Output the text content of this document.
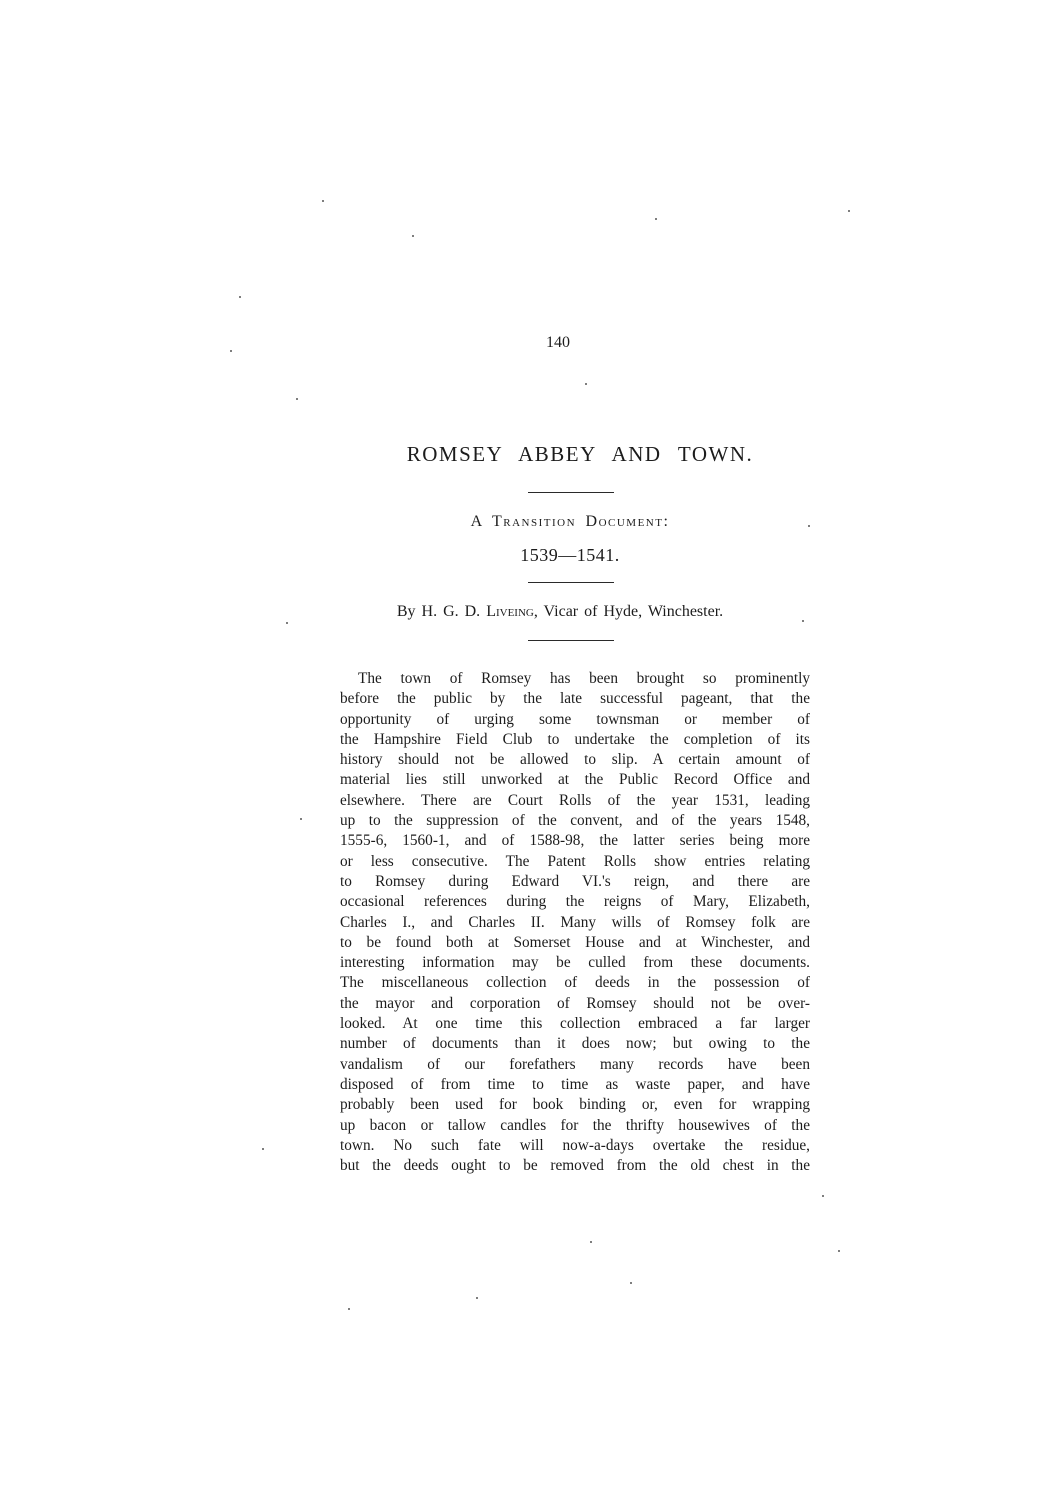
140
ROMSEY ABBEY AND TOWN.
A Transition Document:
1539—1541.
By H. G. D. Liveing, Vicar of Hyde, Winchester.

The town of Romsey has been brought so prominently
before the public by the late successful pageant, that the
opportunity of urging some townsman or member of
the Hampshire Field Club to undertake the completion of its
history should not be allowed to slip. A certain amount of
material lies still unworked at the Public Record Office and
elsewhere. There are Court Rolls of the year 1531, leading
up to the suppression of the convent, and of the years 1548,
1555-6, 1560-1, and of 1588-98, the latter series being more
or less consecutive. The Patent Rolls show entries relating
to Romsey during Edward VI.'s reign, and there are
occasional references during the reigns of Mary, Elizabeth,
Charles I., and Charles II. Many wills of Romsey folk are
to be found both at Somerset House and at Winchester, and
interesting information may be culled from these documents.
The miscellaneous collection of deeds in the possession of
the mayor and corporation of Romsey should not be over-
looked. At one time this collection embraced a far larger
number of documents than it does now; but owing to the
vandalism of our forefathers many records have been
disposed of from time to time as waste paper, and have
probably been used for book binding or, even for wrapping
up bacon or tallow candles for the thrifty housewives of the
town. No such fate will now-a-days overtake the residue,
but the deeds ought to be removed from the old chest in the
